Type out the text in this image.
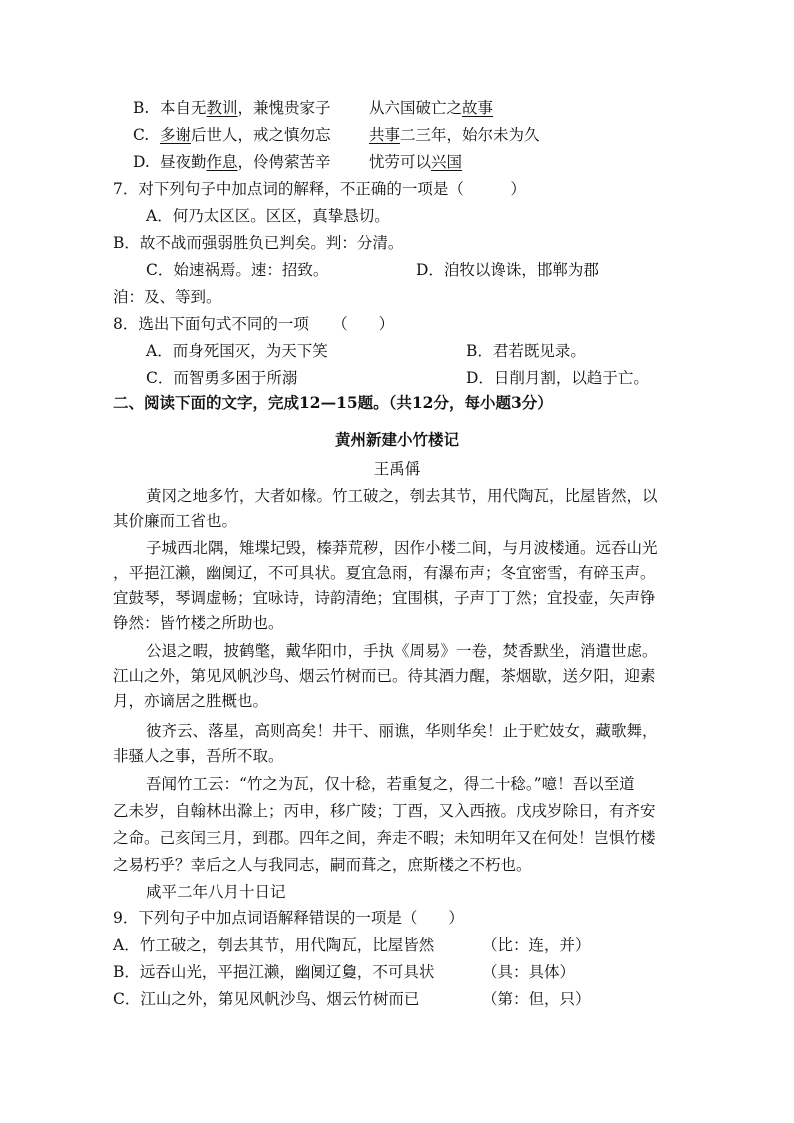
B. 本自无教训，兼愧贵家子 从六国破亡之故事
C. 多谢后世人，戒之慎勿忘 共事二三年，始尔未为久
D. 昼夜勤作息，伶俜萦苦辛 忧劳可以兴国
7．对下列句子中加点词的解释，不正确的一项是（　　　）
A．何乃太区区。区区，真挚恳切。
B．故不战而强弱胜负已判矣。判：分清。
C．始速祸焉。速：招致。	D．洎牧以谗诛，邯郸为郡
洎：及、等到。
8．选出下面句式不同的一项　　（　　）
A．而身死国灭，为天下笑	B．君若既见录。
C．而智勇多困于所溺	D．日削月割，以趋于亡。
二、阅读下面的文字，完成12—15题。（共12分，每小题3分）
黄州新建小竹楼记
王禹偁
黄冈之地多竹，大者如椽。竹工破之，刳去其节，用代陶瓦，比屋皆然，以
其价廉而工省也。
子城西北隅，雉堞圮毁，榛莽荒秽，因作小楼二间，与月波楼通。远吞山光
，平挹江濑，幽阒辽，不可具状。夏宜急雨，有瀑布声；冬宜密雪，有碎玉声。
宜鼓琴，琴调虚畅；宜咏诗，诗韵清绝；宜围棋，子声丁丁然；宜投壶，矢声铮
铮然：皆竹楼之所助也。
公退之暇，披鹤氅，戴华阳巾，手执《周易》一卷，焚香默坐，消遣世虑。
江山之外，第见风帆沙鸟、烟云竹树而已。待其酒力醒，茶烟歇，送夕阳，迎素
月，亦谪居之胜概也。
彼齐云、落星，高则高矣！井干、丽谯，华则华矣！止于贮妓女，藏歌舞，
非骚人之事，吾所不取。
吾闻竹工云：“竹之为瓦，仅十稔，若重复之，得二十稔。”噫！吾以至道
乙未岁，自翰林出滁上；丙申，移广陵；丁酉，又入西掖。戊戌岁除日，有齐安
之命。己亥闰三月，到郡。四年之间，奔走不暇；未知明年又在何处！岂惧竹楼
之易朽乎？幸后之人与我同志，嗣而葺之，庶斯楼之不朽也。
咸平二年八月十日记
9．下列句子中加点词语解释错误的一项是（　　）
A．竹工破之，刳去其节，用代陶瓦，比屋皆然	（比：连，并）
B．远吞山光，平挹江濑，幽阒辽敻，不可具状	（具：具体）
C．江山之外，第见风帆沙鸟、烟云竹树而已	（第：但，只）
